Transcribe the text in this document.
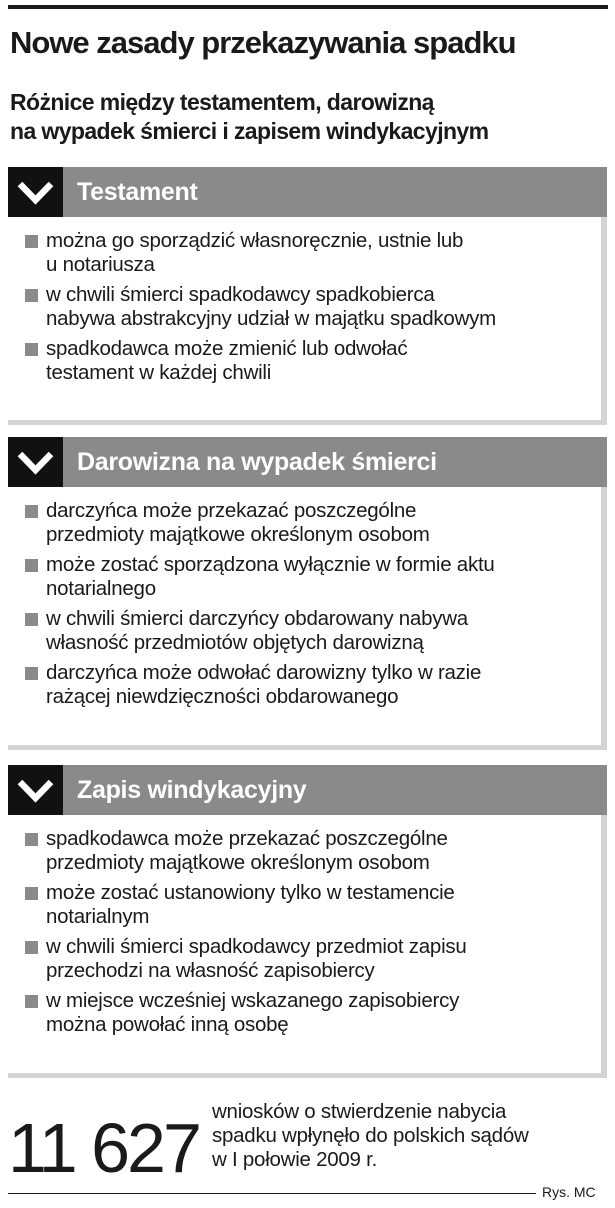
Nowe zasady przekazywania spadku
Różnice między testamentem, darowizną
na wypadek śmierci i zapisem windykacyjnym
Testament
można go sporządzić własnoręcznie, ustnie lub
u notariusza
w chwili śmierci spadkodawcy spadkobierca
nabywa abstrakcyjny udział w majątku spadkowym
spadkodawca może zmienić lub odwołać
testament w każdej chwili
Darowizna na wypadek śmierci
darczyńca może przekazać poszczególne
przedmioty majątkowe określonym osobom
może zostać sporządzona wyłącznie w formie aktu
notarialnego
w chwili śmierci darczyńcy obdarowany nabywa
własność przedmiotów objętych darowizną
darczyńca może odwołać darowizny tylko w razie
rażącej niewdzięczności obdarowanego
Zapis windykacyjny
spadkodawca może przekazać poszczególne
przedmioty majątkowe określonym osobom
może zostać ustanowiony tylko w testamencie
notarialnym
w chwili śmierci spadkodawcy przedmiot zapisu
przechodzi na własność zapisobiercy
w miejsce wcześniej wskazanego zapisobiercy
można powołać inną osobę
11 627 wniosków o stwierdzenie nabycia
spadku wpłynęło do polskich sądów
w I połowie 2009 r.
Rys. MC
